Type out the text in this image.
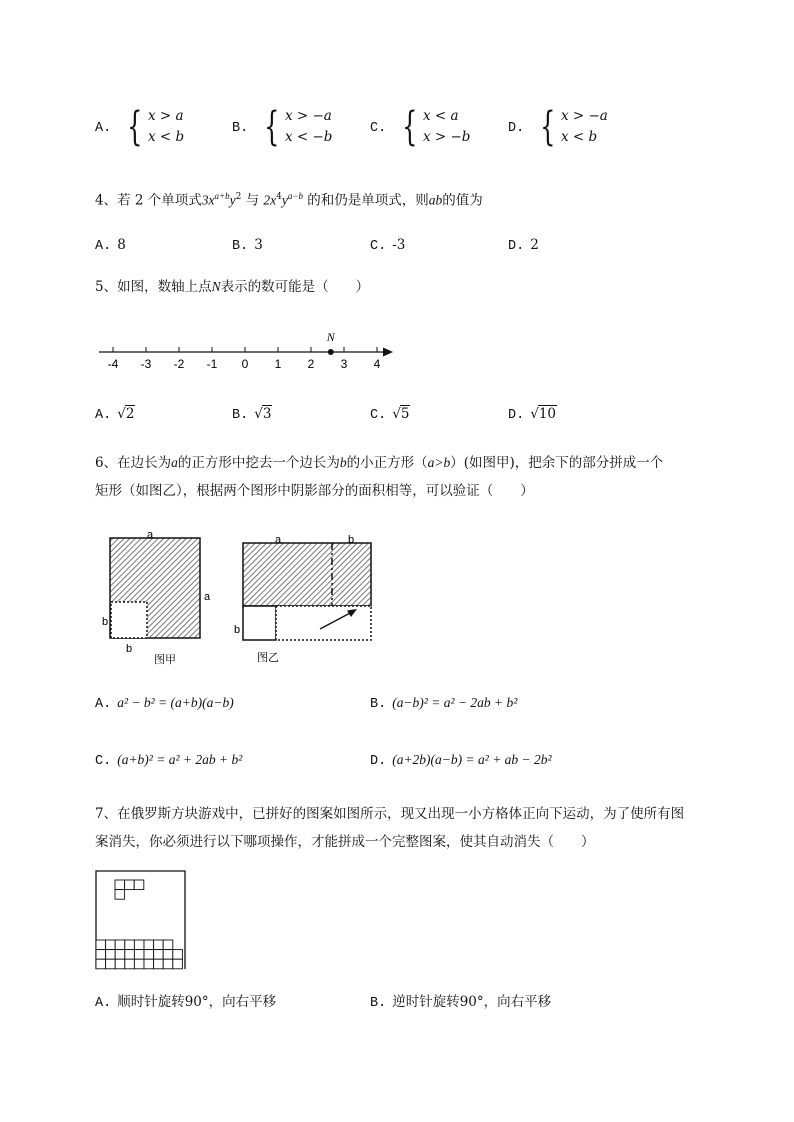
A. { x > a
x < b
B. { x > −a
x < −b
C. { x < a
x > −b
D. { x > −a
x < b

4、若 2 个单项式$3x^{a+b}y^2$ 与 $2x^4y^{a-b}$ 的和仍是单项式，则ab的值为

A. 8	B. 3	C. -3	D. 2

5、如图，数轴上点N表示的数可能是（　　）

-4 -3 -2 -1 0 1 2 3 4
N
A. √2	B. √3	C. √5	D. √10

6、在边长为a的正方形中挖去一个边长为b的小正方形（a>b）(如图甲)，把余下的部分拼成一个

矩形（如图乙），根据两个图形中阴影部分的面积相等，可以验证（　　）

a
a
b
b
图甲
a	b
b
图乙
A. a² − b² = (a+b)(a−b)	B. (a−b)² = a² − 2ab + b²
C. (a+b)² = a² + 2ab + b²	D. (a+2b)(a−b) = a² + ab − 2b²

7、在俄罗斯方块游戏中，已拼好的图案如图所示，现又出现一小方格体正向下运动，为了使所有图

案消失，你必须进行以下哪项操作，才能拼成一个完整图案，使其自动消失（　　）

A. 顺时针旋转90°，向右平移	B. 逆时针旋转90°，向右平移
